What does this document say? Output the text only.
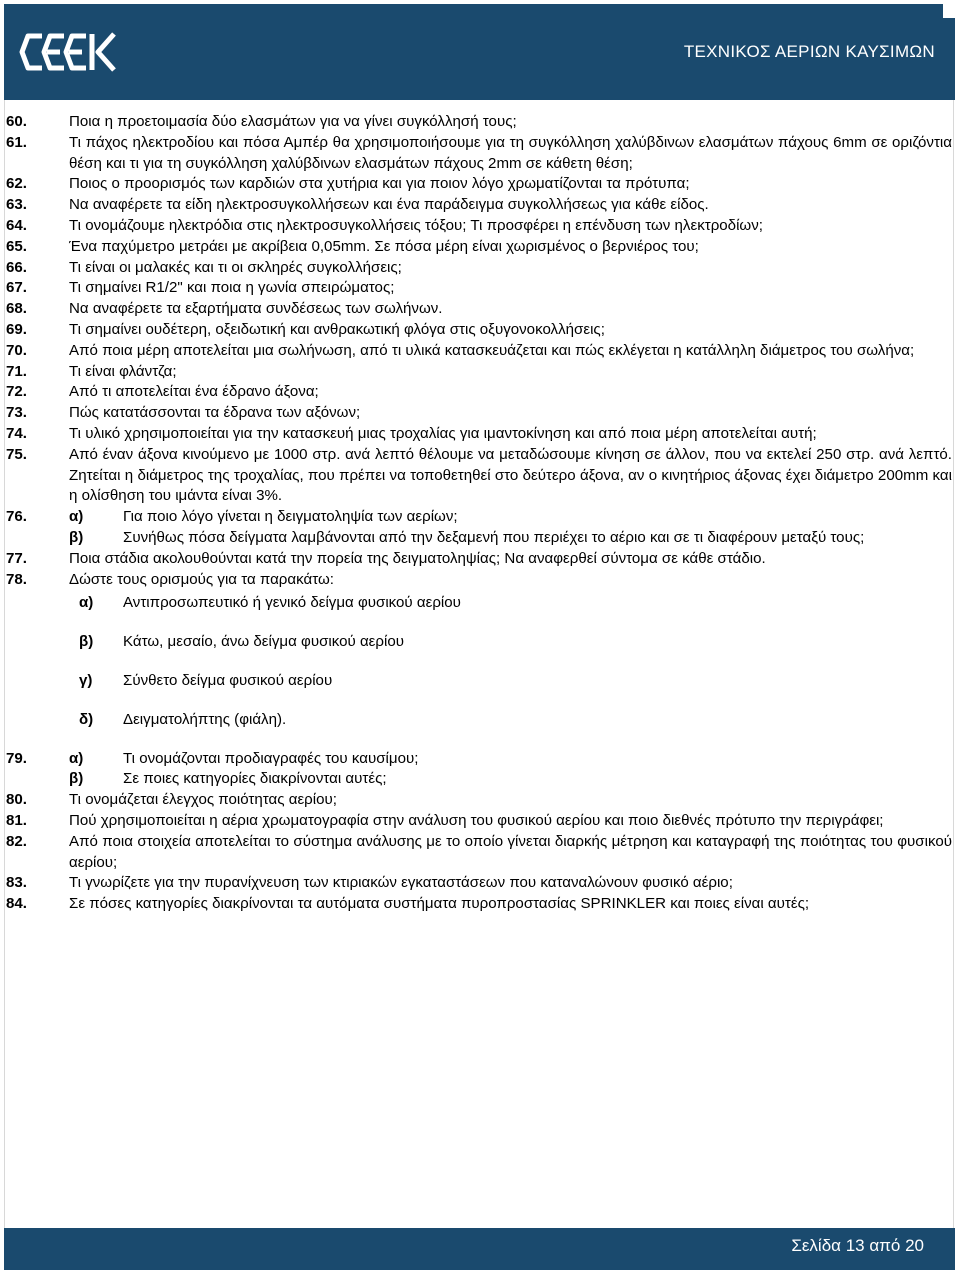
CEEK
ΤΕΧΝΙΚΟΣ ΑΕΡΙΩΝ ΚΑΥΣΙΜΩΝ
60.	Ποια η προετοιμασία δύο ελασμάτων για να γίνει συγκόλλησή τους;
61.	Τι πάχος ηλεκτροδίου και πόσα Αμπέρ θα χρησιμοποιήσουμε για τη συγκόλληση χαλύβδινων ελασμάτων πάχους 6mm σε οριζόντια θέση και τι για τη συγκόλληση χαλύβδινων ελασμάτων πάχους 2mm σε κάθετη θέση;
62.	Ποιος ο προορισμός των καρδιών στα χυτήρια και για ποιον λόγο χρωματίζονται τα πρότυπα;
63.	Να αναφέρετε τα είδη ηλεκτροσυγκολλήσεων και ένα παράδειγμα συγκολλήσεως για κάθε είδος.
64.	Τι ονομάζουμε ηλεκτρόδια στις ηλεκτροσυγκολλήσεις τόξου; Τι προσφέρει η επένδυση των ηλεκτροδίων;
65.	Ένα παχύμετρο μετράει με ακρίβεια 0,05mm. Σε πόσα μέρη είναι χωρισμένος ο βερνιέρος του;
66.	Τι είναι οι μαλακές και τι οι σκληρές συγκολλήσεις;
67.	Τι σημαίνει R1/2" και ποια η γωνία σπειρώματος;
68.	Να αναφέρετε τα εξαρτήματα συνδέσεως των σωλήνων.
69.	Τι σημαίνει ουδέτερη, οξειδωτική και ανθρακωτική φλόγα στις οξυγονοκολλήσεις;
70.	Από ποια μέρη αποτελείται μια σωλήνωση, από τι υλικά κατασκευάζεται και πώς εκλέγεται η κατάλληλη διάμετρος του σωλήνα;
71.	Τι είναι φλάντζα;
72.	Από τι αποτελείται ένα έδρανο άξονα;
73.	Πώς κατατάσσονται τα έδρανα των αξόνων;
74.	Τι υλικό χρησιμοποιείται για την κατασκευή μιας τροχαλίας για ιμαντοκίνηση και από ποια μέρη αποτελείται αυτή;
75.	Από έναν άξονα κινούμενο με 1000 στρ. ανά λεπτό θέλουμε να μεταδώσουμε κίνηση σε άλλον, που να εκτελεί 250 στρ. ανά λεπτό. Ζητείται η διάμετρος της τροχαλίας, που πρέπει να τοποθετηθεί στο δεύτερο άξονα, αν ο κινητήριος άξονας έχει διάμετρο 200mm και η ολίσθηση του ιμάντα είναι 3%.
76.	α)	Για ποιο λόγο γίνεται η δειγματοληψία των αερίων;
β)	Συνήθως πόσα δείγματα λαμβάνονται από την δεξαμενή που περιέχει το αέριο και σε τι διαφέρουν μεταξύ τους;
77.	Ποια στάδια ακολουθούνται κατά την πορεία της δειγματοληψίας; Να αναφερθεί σύντομα σε κάθε στάδιο.
78.	Δώστε τους ορισμούς για τα παρακάτω:
α)	Αντιπροσωπευτικό ή γενικό δείγμα φυσικού αερίου
β)	Κάτω, μεσαίο, άνω δείγμα φυσικού αερίου
γ)	Σύνθετο δείγμα φυσικού αερίου
δ)	Δειγματολήπτης (φιάλη).
79.	α)	Τι ονομάζονται προδιαγραφές του καυσίμου;
β)	Σε ποιες κατηγορίες διακρίνονται αυτές;
80.	Τι ονομάζεται έλεγχος ποιότητας αερίου;
81.	Πού χρησιμοποιείται η αέρια χρωματογραφία στην ανάλυση του φυσικού αερίου και ποιο διεθνές πρότυπο την περιγράφει;
82.	Από ποια στοιχεία αποτελείται το σύστημα ανάλυσης με το οποίο γίνεται διαρκής μέτρηση και καταγραφή της ποιότητας του φυσικού αερίου;
83.	Τι γνωρίζετε για την πυρανίχνευση των κτιριακών εγκαταστάσεων που καταναλώνουν φυσικό αέριο;
84.	Σε πόσες κατηγορίες διακρίνονται τα αυτόματα συστήματα πυροπροστασίας SPRINKLER και ποιες είναι αυτές;
Σελίδα 13 από 20
